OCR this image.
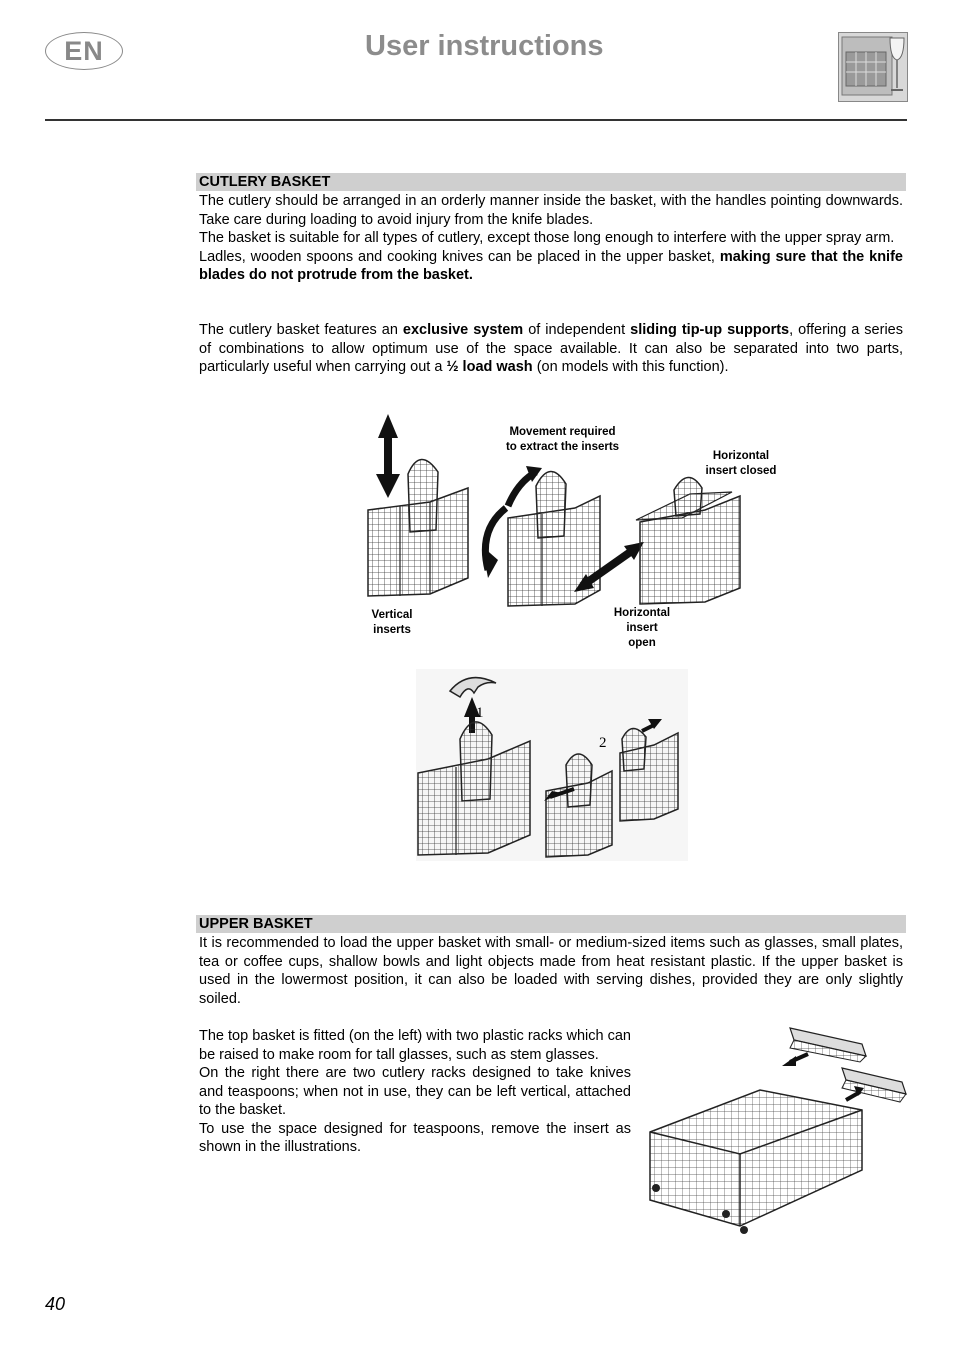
EN	User instructions
CUTLERY BASKET
The cutlery should be arranged in an orderly manner inside the basket, with the handles pointing downwards. Take care during loading to avoid injury from the knife blades.
The basket is suitable for all types of cutlery, except those long enough to interfere with the upper spray arm.
Ladles, wooden spoons and cooking knives can be placed in the upper basket, making sure that the knife blades do not protrude from the basket.
The cutlery basket features an exclusive system of independent sliding tip-up supports, offering a series of combinations to allow optimum use of the space available. It can also be separated into two parts, particularly useful when carrying out a ½ load wash (on models with this function).
Movement required
to extract the inserts
Horizontal
insert closed
Vertical
inserts
Horizontal
insert
open
1
2
UPPER BASKET
It is recommended to load the upper basket with small- or medium-sized items such as glasses, small plates, tea or coffee cups, shallow bowls and light objects made from heat resistant plastic. If the upper basket is used in the lowermost position, it can also be loaded with serving dishes, provided they are only slightly soiled.
The top basket is fitted (on the left) with two plastic racks which can be raised to make room for tall glasses, such as stem glasses.
On the right there are two cutlery racks designed to take knives and teaspoons; when not in use, they can be left vertical, attached to the basket.
To use the space designed for teaspoons, remove the insert as shown in the illustrations.
40
